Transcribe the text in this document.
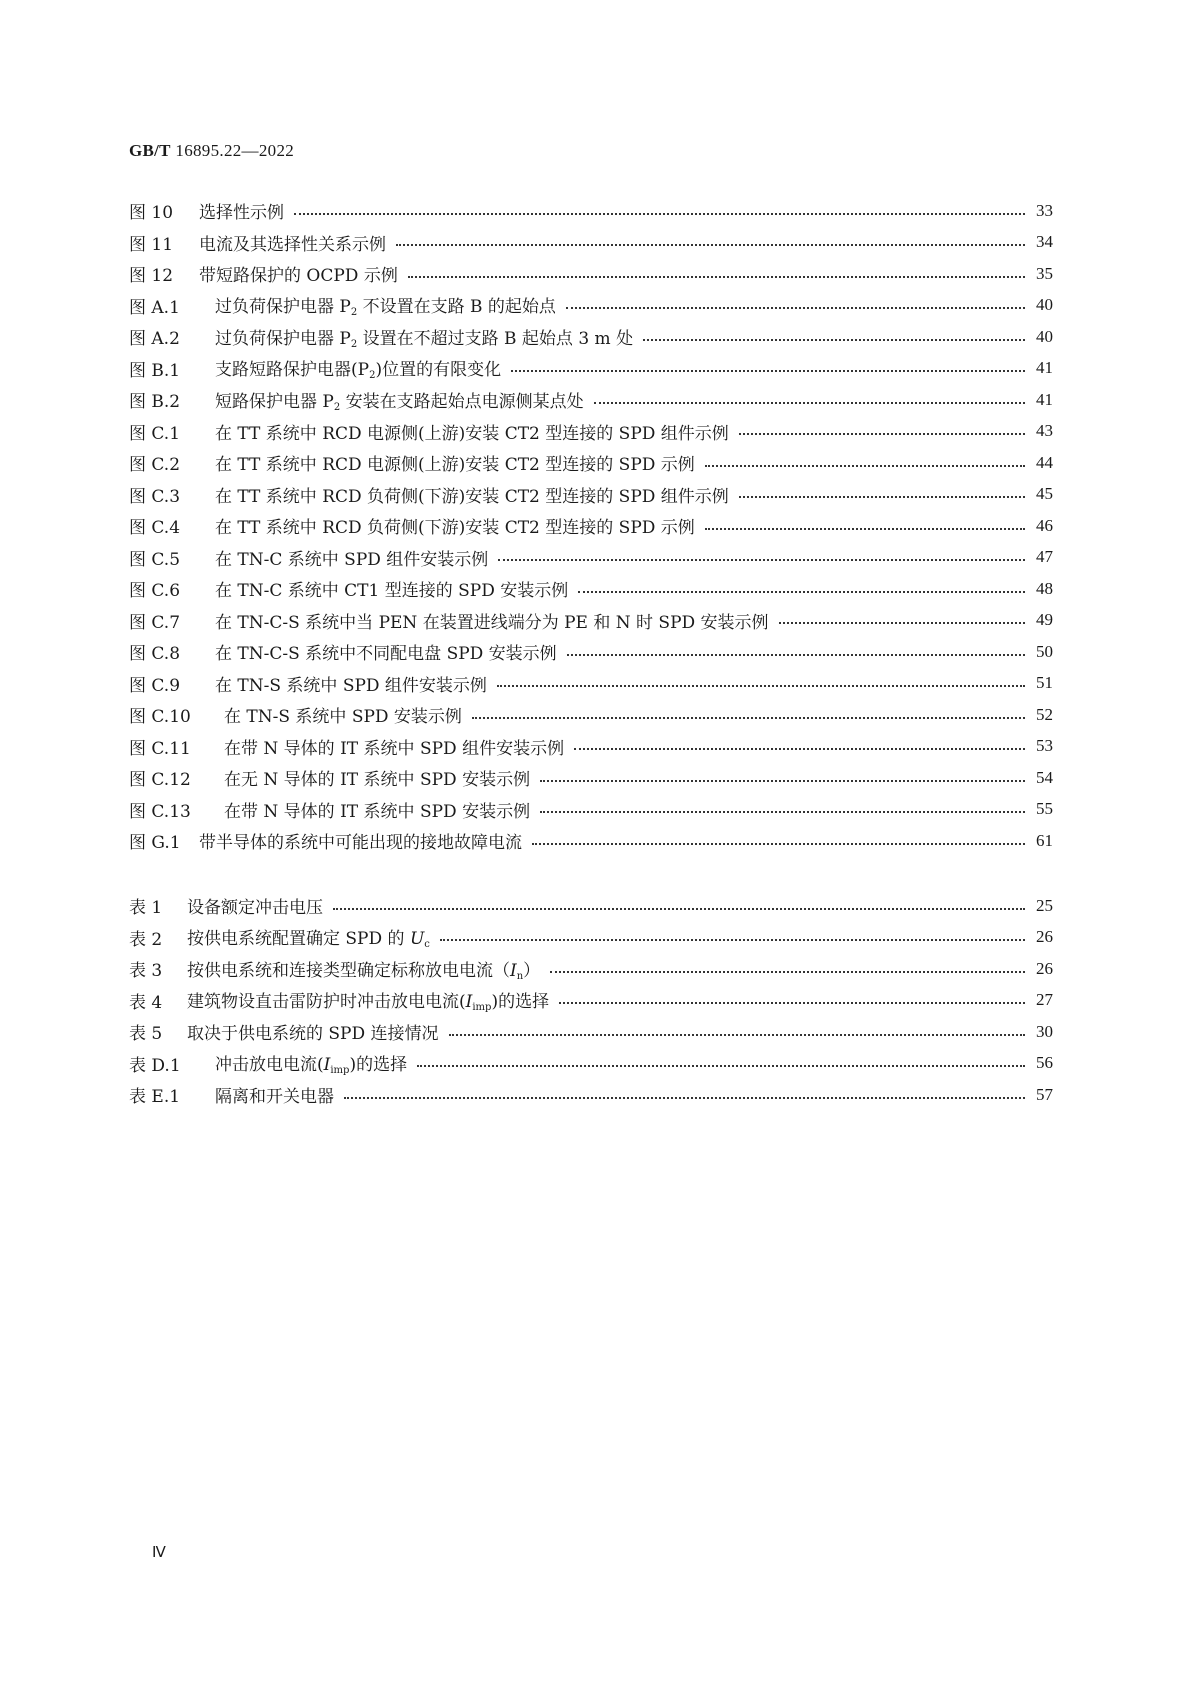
GB/T 16895.22—2022
图 10	选择性示例	33
图 11	电流及其选择性关系示例	34
图 12	带短路保护的 OCPD 示例	35
图 A.1	过负荷保护电器 $P_2$ 不设置在支路 B 的起始点	40
图 A.2	过负荷保护电器 $P_2$ 设置在不超过支路 B 起始点 3 m 处	40
图 B.1	支路短路保护电器$(P_2)$位置的有限变化	41
图 B.2	短路保护电器 $P_2$ 安装在支路起始点电源侧某点处	41
图 C.1	在 TT 系统中 RCD 电源侧(上游)安装 CT2 型连接的 SPD 组件示例	43
图 C.2	在 TT 系统中 RCD 电源侧(上游)安装 CT2 型连接的 SPD 示例	44
图 C.3	在 TT 系统中 RCD 负荷侧(下游)安装 CT2 型连接的 SPD 组件示例	45
图 C.4	在 TT 系统中 RCD 负荷侧(下游)安装 CT2 型连接的 SPD 示例	46
图 C.5	在 TN-C 系统中 SPD 组件安装示例	47
图 C.6	在 TN-C 系统中 CT1 型连接的 SPD 安装示例	48
图 C.7	在 TN-C-S 系统中当 PEN 在装置进线端分为 PE 和 N 时 SPD 安装示例	49
图 C.8	在 TN-C-S 系统中不同配电盘 SPD 安装示例	50
图 C.9	在 TN-S 系统中 SPD 组件安装示例	51
图 C.10	在 TN-S 系统中 SPD 安装示例	52
图 C.11	在带 N 导体的 IT 系统中 SPD 组件安装示例	53
图 C.12	在无 N 导体的 IT 系统中 SPD 安装示例	54
图 C.13	在带 N 导体的 IT 系统中 SPD 安装示例	55
图 G.1	带半导体的系统中可能出现的接地故障电流	61
表 1	设备额定冲击电压	25
表 2	按供电系统配置确定 SPD 的 $U_c$	26
表 3	按供电系统和连接类型确定标称放电电流$(I_n)$	26
表 4	建筑物设直击雷防护时冲击放电电流$(I_{imp})$的选择	27
表 5	取决于供电系统的 SPD 连接情况	30
表 D.1	冲击放电电流$(I_{imp})$的选择	56
表 E.1	隔离和开关电器	57
Ⅳ
